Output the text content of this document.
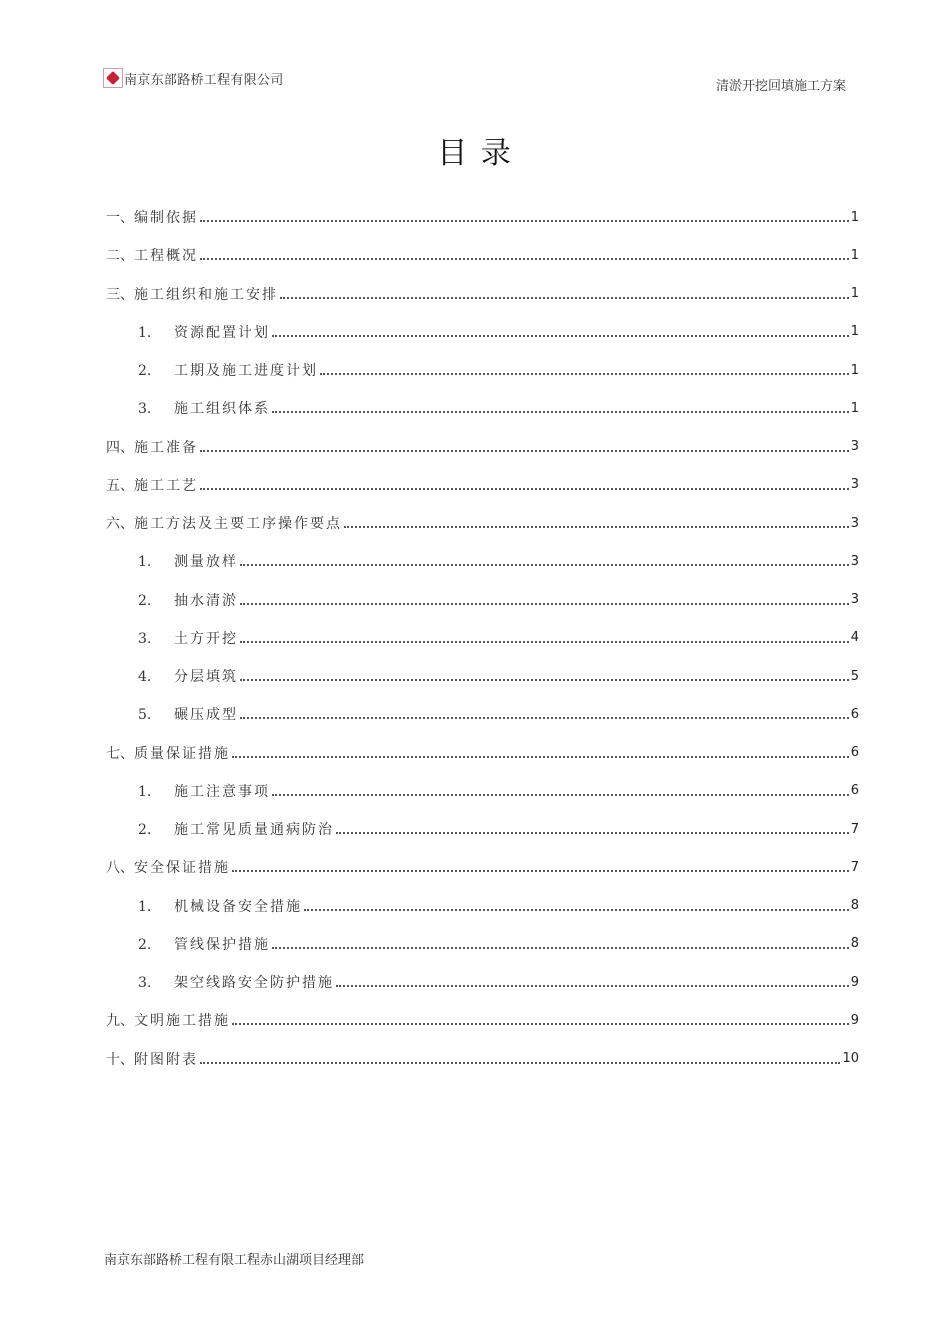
南京东部路桥工程有限公司	清淤开挖回填施工方案
目 录
一、编制依据	1
二、工程概况	1
三、施工组织和施工安排	1
1. 资源配置计划	1
2. 工期及施工进度计划	1
3. 施工组织体系	1
四、施工准备	3
五、施工工艺	3
六、施工方法及主要工序操作要点	3
1. 测量放样	3
2. 抽水清淤	3
3. 土方开挖	4
4. 分层填筑	5
5. 碾压成型	6
七、质量保证措施	6
1. 施工注意事项	6
2. 施工常见质量通病防治	7
八、安全保证措施	7
1. 机械设备安全措施	8
2. 管线保护措施	8
3. 架空线路安全防护措施	9
九、文明施工措施	9
十、附图附表	10
南京东部路桥工程有限工程赤山湖项目经理部
